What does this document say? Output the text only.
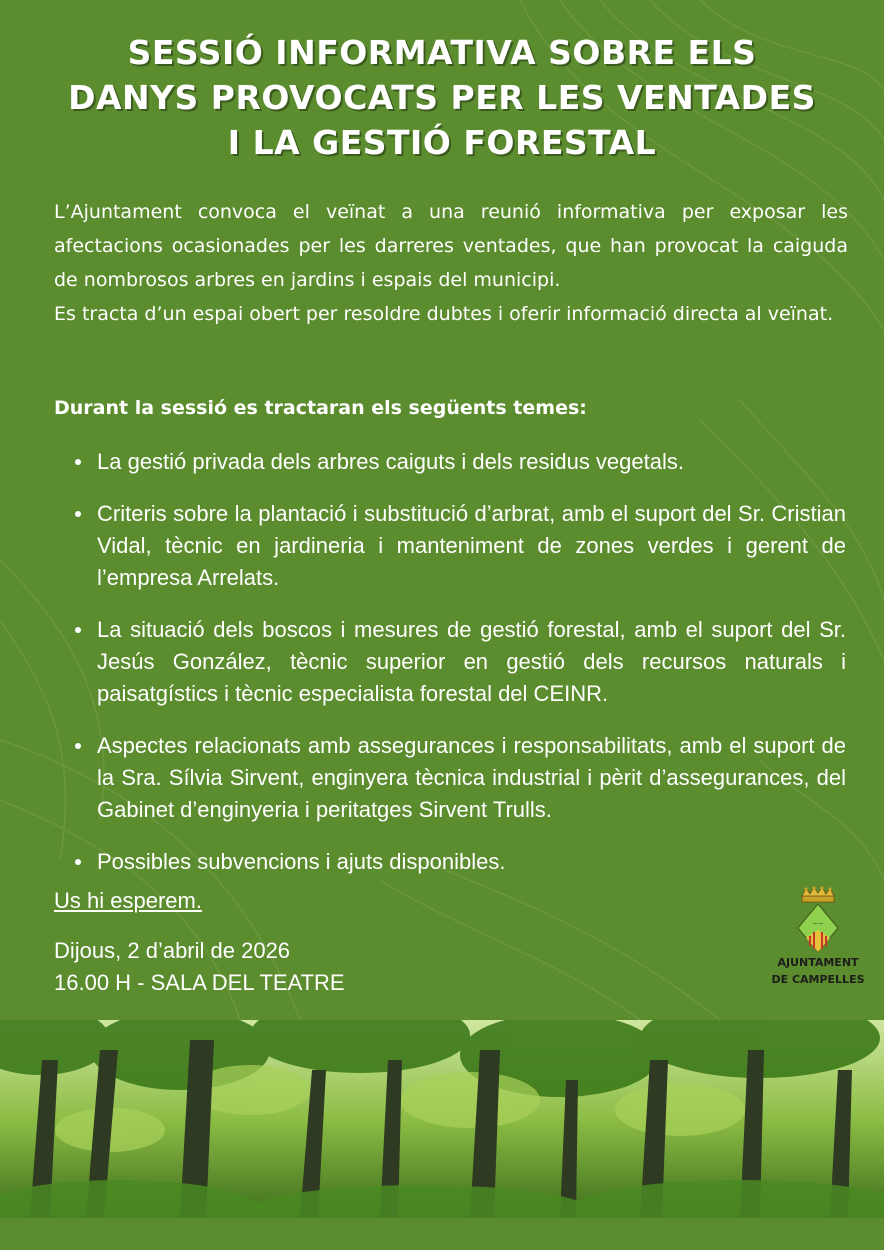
SESSIÓ INFORMATIVA SOBRE ELS DANYS PROVOCATS PER LES VENTADES I LA GESTIÓ FORESTAL

L’Ajuntament convoca el veïnat a una reunió informativa per exposar les afectacions ocasionades per les darreres ventades, que han provocat la caiguda de nombrosos arbres en jardins i espais del municipi.

Es tracta d’un espai obert per resoldre dubtes i oferir informació directa al veïnat.

Durant la sessió es tractaran els següents temes:
La gestió privada dels arbres caiguts i dels residus vegetals.
Criteris sobre la plantació i substitució d’arbrat, amb el suport del Sr. Cristian Vidal, tècnic en jardineria i manteniment de zones verdes i gerent de l’empresa Arrelats.
La situació dels boscos i mesures de gestió forestal, amb el suport del Sr. Jesús González, tècnic superior en gestió dels recursos naturals i paisatgístics i tècnic especialista forestal del CEINR.
Aspectes relacionats amb assegurances i responsabilitats, amb el suport de la Sra. Sílvia Sirvent, enginyera tècnica industrial i pèrit d’assegurances, del Gabinet d’enginyeria i peritatges Sirvent Trulls.
Possibles subvencions i ajuts disponibles.

Us hi esperem.

Dijous, 2 d’abril de 2026

16.00 H - SALA DEL TEATRE

~~
AJUNTAMENT
DE CAMPELLES
